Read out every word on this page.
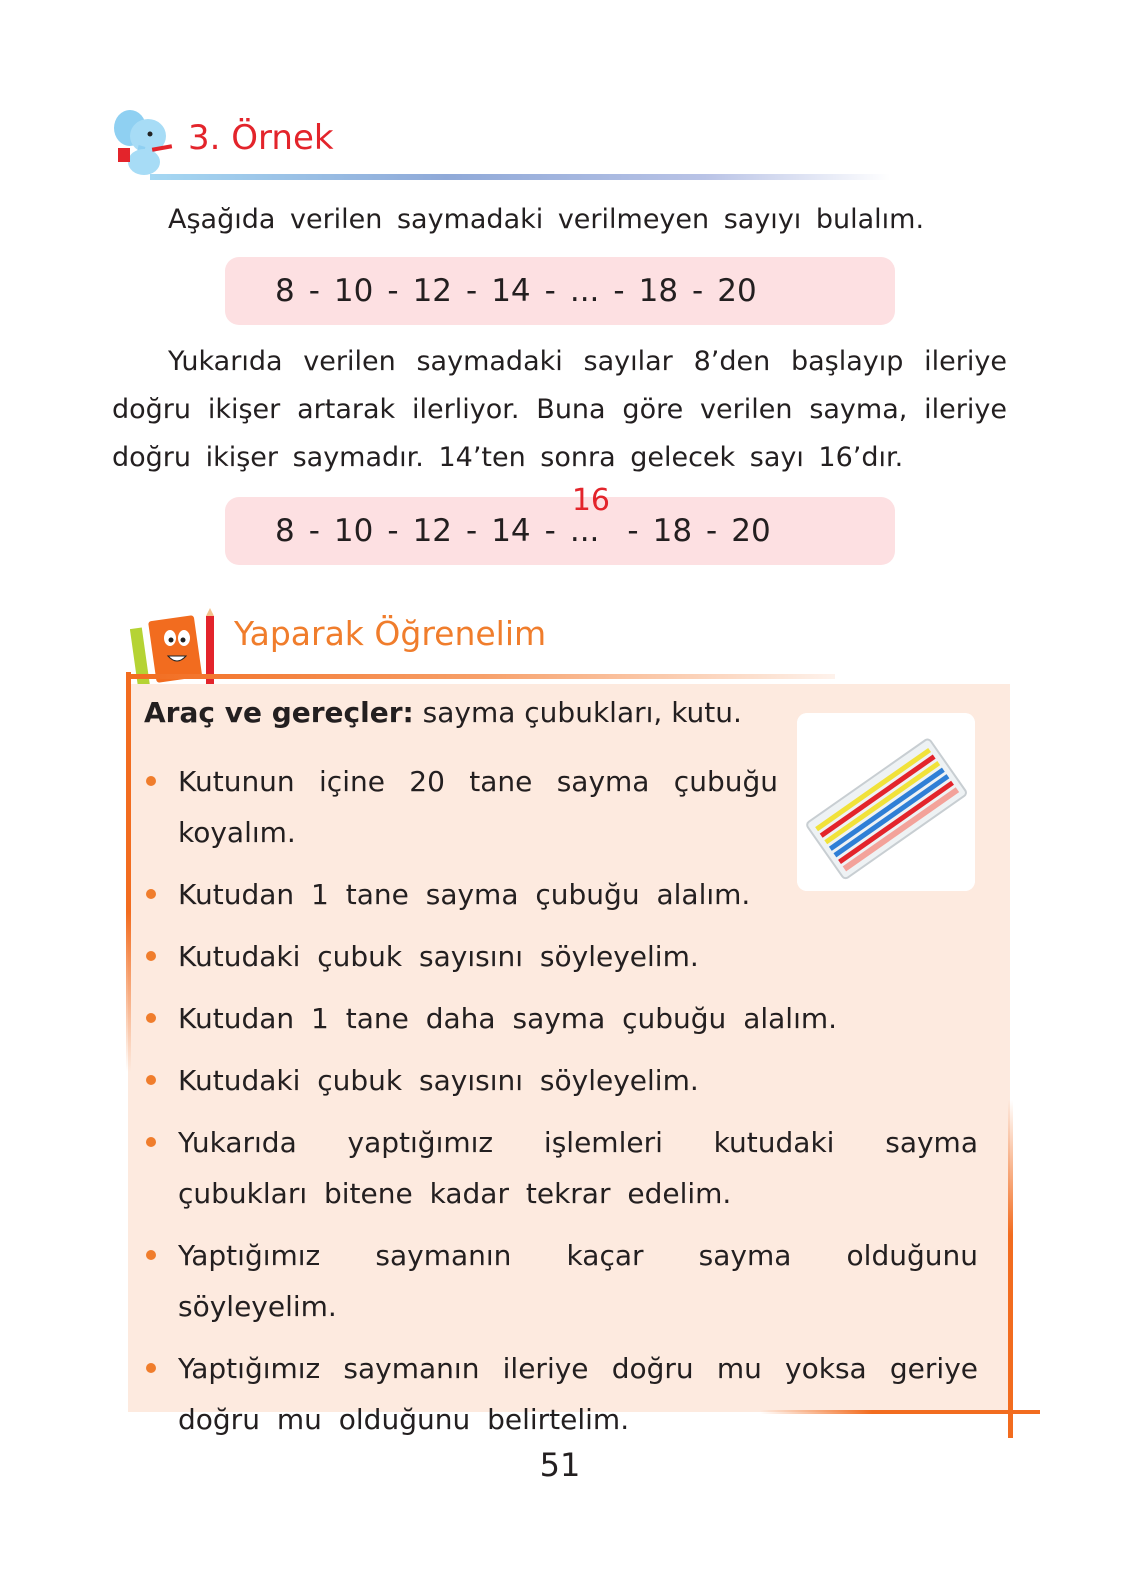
3. Örnek
Aşağıda verilen saymadaki verilmeyen sayıyı bulalım.
8 - 10 - 12 - 14 - ... - 18 - 20

Yukarıda verilen saymadaki sayılar 8’den başlayıp ileriye doğru ikişer artarak ilerliyor. Buna göre verilen sayma, ileriye doğru ikişer saymadır. 14’ten sonra gelecek sayı 16’dır.

8 - 10 - 12 - 14 - ...
16
- 18 - 20
Yaparak Öğrenelim
Araç ve gereçler: sayma çubukları, kutu.
Kutunun içine 20 tane sayma çubuğu koyalım.
Kutudan 1 tane sayma çubuğu alalım.
Kutudaki çubuk sayısını söyleyelim.
Kutudan 1 tane daha sayma çubuğu alalım.
Kutudaki çubuk sayısını söyleyelim.
Yukarıda yaptığımız işlemleri kutudaki sayma çubukları bitene kadar tekrar edelim.
Yaptığımız saymanın kaçar sayma olduğunu söyleyelim.
Yaptığımız saymanın ileriye doğru mu yoksa geriye doğru mu olduğunu belirtelim.
51
